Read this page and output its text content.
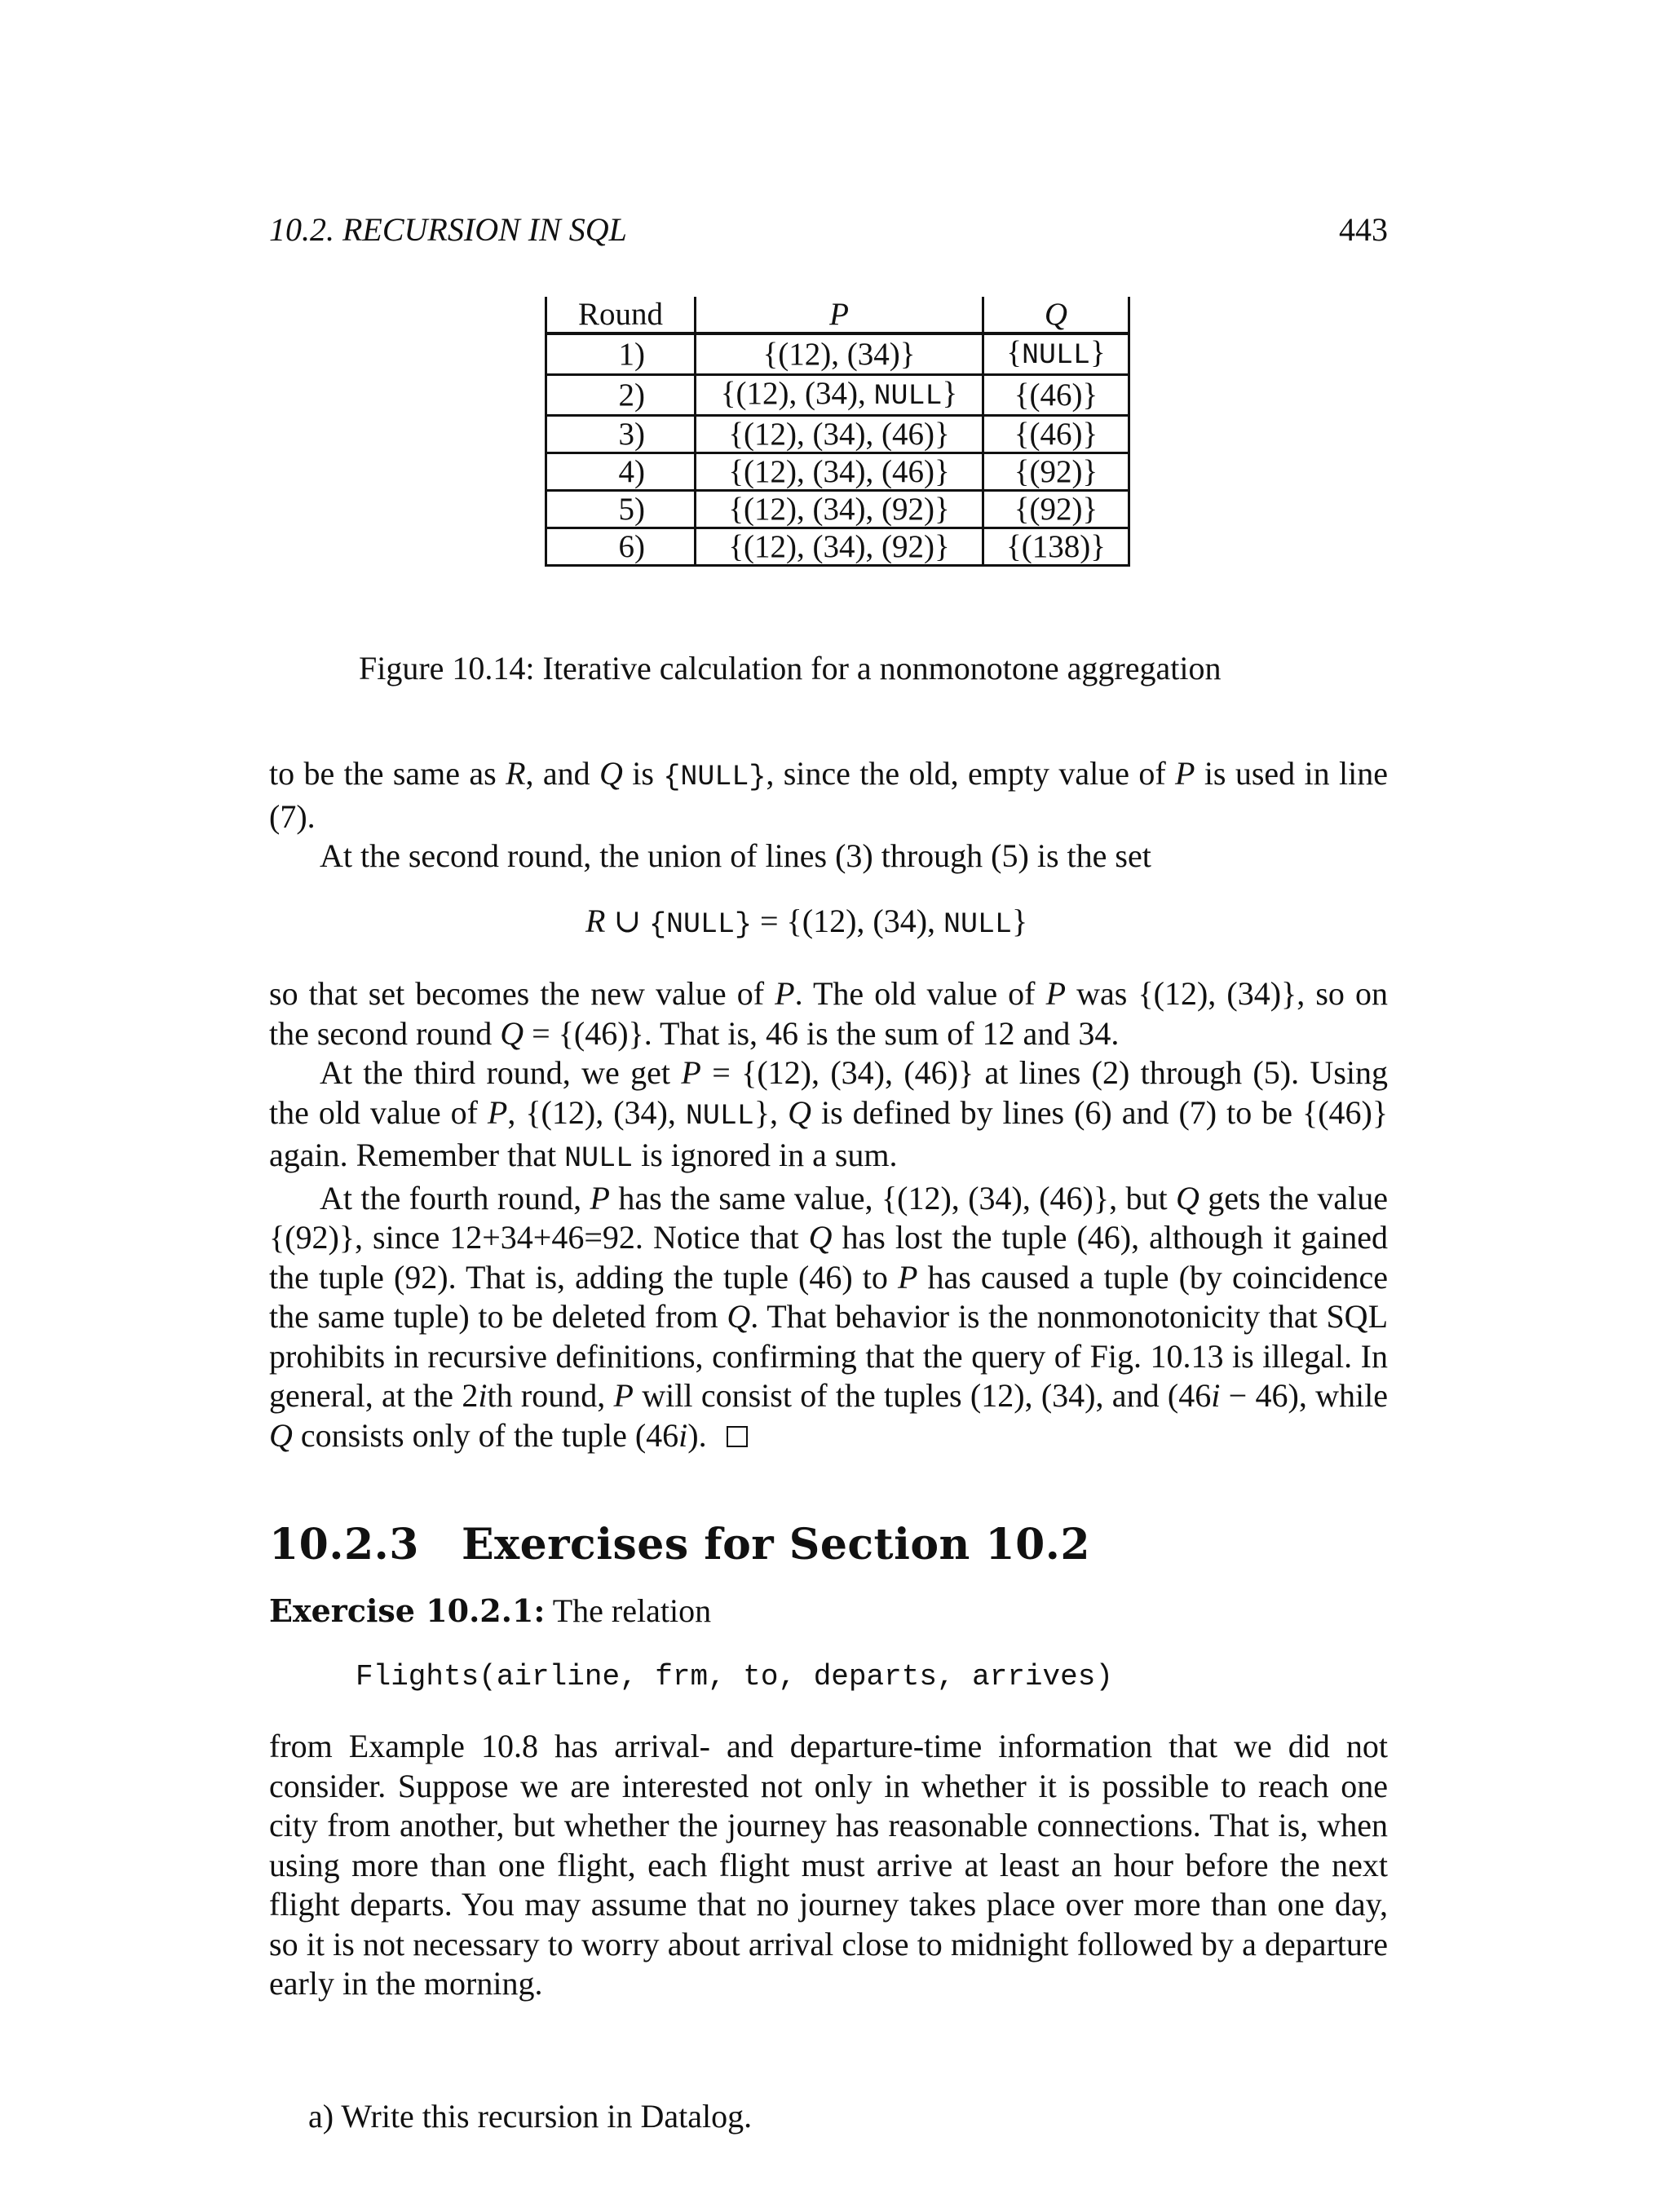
10.2. RECURSION IN SQL	443
Round	P	Q
1)	{(12), (34)}	{NULL}
2)	{(12), (34), NULL}	{(46)}
3)	{(12), (34), (46)}	{(46)}
4)	{(12), (34), (46)}	{(92)}
5)	{(12), (34), (92)}	{(92)}
6)	{(12), (34), (92)}	{(138)}
Figure 10.14: Iterative calculation for a nonmonotone aggregation

to be the same as R, and Q is {NULL}, since the old, empty value of P is used in line (7).

At the second round, the union of lines (3) through (5) is the set

R ∪ {NULL} = {(12), (34), NULL}

so that set becomes the new value of P. The old value of P was {(12), (34)}, so on the second round Q = {(46)}. That is, 46 is the sum of 12 and 34.

At the third round, we get P = {(12), (34), (46)} at lines (2) through (5). Using the old value of P, {(12), (34), NULL}, Q is defined by lines (6) and (7) to be {(46)} again. Remember that NULL is ignored in a sum.

At the fourth round, P has the same value, {(12), (34), (46)}, but Q gets the value {(92)}, since 12+34+46=92. Notice that Q has lost the tuple (46), although it gained the tuple (92). That is, adding the tuple (46) to P has caused a tuple (by coincidence the same tuple) to be deleted from Q. That behavior is the nonmonotonicity that SQL prohibits in recursive definitions, confirming that the query of Fig. 10.13 is illegal. In general, at the 2ith round, P will consist of the tuples (12), (34), and (46i − 46), while Q consists only of the tuple (46i).

10.2.3 Exercises for Section 10.2
Exercise 10.2.1: The relation
Flights(airline, frm, to, departs, arrives)
from Example 10.8 has arrival- and departure-time information that we did not consider. Suppose we are interested not only in whether it is possible to reach one city from another, but whether the journey has reasonable connections. That is, when using more than one flight, each flight must arrive at least an hour before the next flight departs. You may assume that no journey takes place over more than one day, so it is not necessary to worry about arrival close to midnight followed by a departure early in the morning.
a) Write this recursion in Datalog.
